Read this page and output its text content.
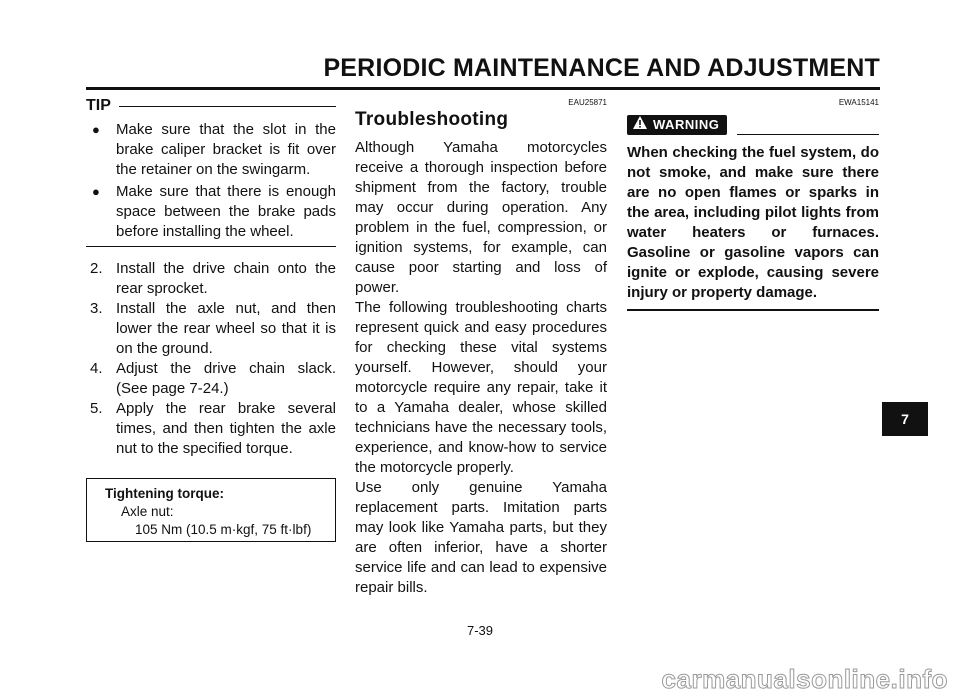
PERIODIC MAINTENANCE AND ADJUSTMENT
TIP
● Make sure that the slot in the brake caliper bracket is fit over the retainer on the swingarm.
● Make sure that there is enough space between the brake pads before installing the wheel.
2. Install the drive chain onto the rear sprocket.
3. Install the axle nut, and then lower the rear wheel so that it is on the ground.
4. Adjust the drive chain slack. (See page 7-24.)
5. Apply the rear brake several times, and then tighten the axle nut to the specified torque.
Tightening torque:
Axle nut:
105 Nm (10.5 m·kgf, 75 ft·lbf)
EAU25871
Troubleshooting

Although Yamaha motorcycles receive a thorough inspection before shipment from the factory, trouble may occur during operation. Any problem in the fuel, compression, or ignition systems, for example, can cause poor starting and loss of power.

The following troubleshooting charts represent quick and easy procedures for checking these vital systems yourself. However, should your motorcycle require any repair, take it to a Yamaha dealer, whose skilled technicians have the necessary tools, experience, and know-how to service the motorcycle properly.

Use only genuine Yamaha replacement parts. Imitation parts may look like Yamaha parts, but they are often inferior, have a shorter service life and can lead to expensive repair bills.

EWA15141
WARNING
When checking the fuel system, do not smoke, and make sure there are no open flames or sparks in the area, including pilot lights from water heaters or furnaces. Gasoline or gasoline vapors can ignite or explode, causing severe injury or property damage.
7-39
7
carmanualsonline.info
